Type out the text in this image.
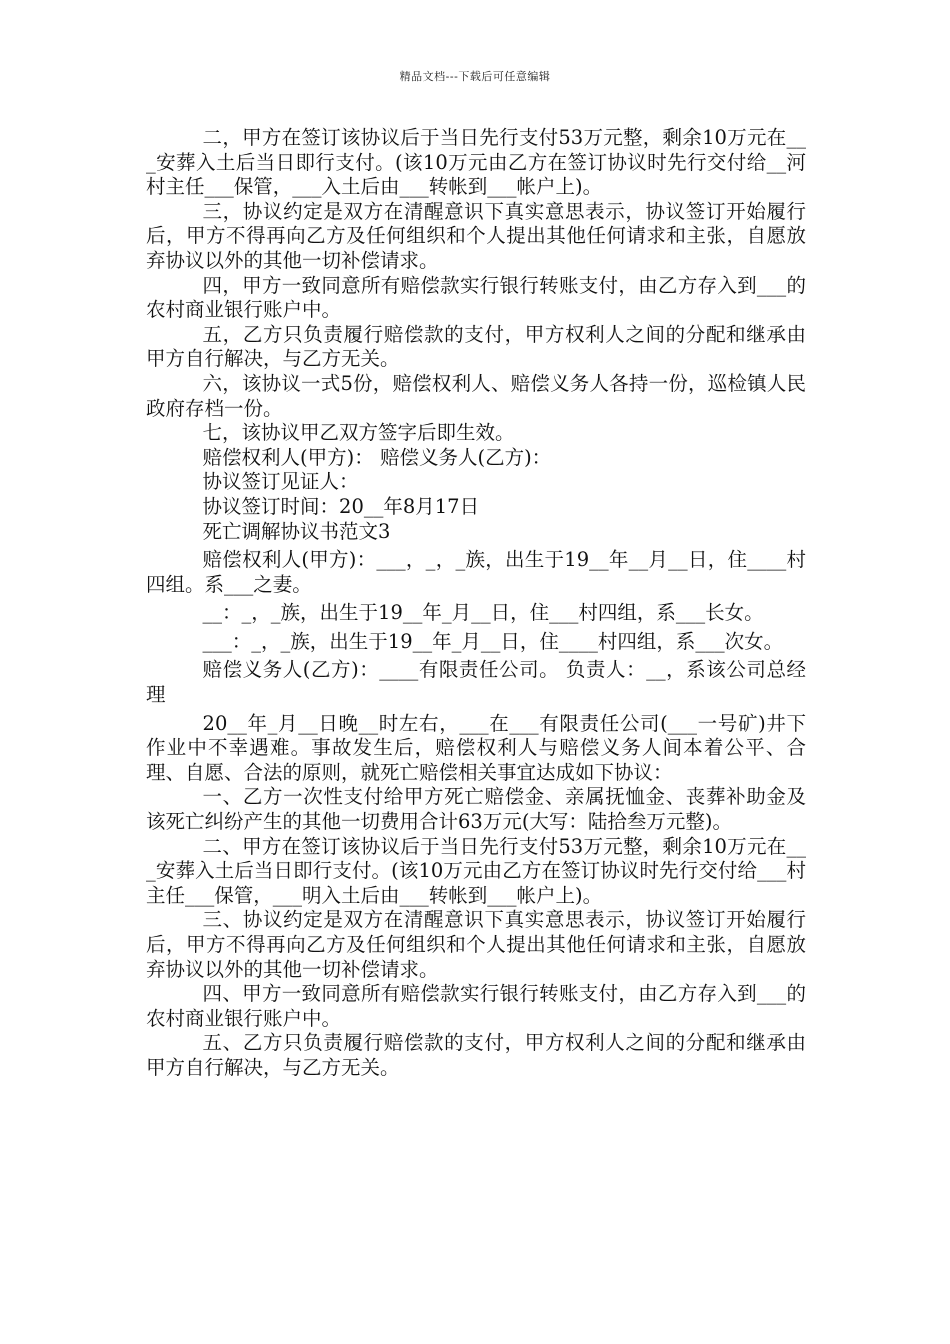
精品文档---下载后可任意编辑

二，甲方在签订该协议后于当日先行支付53万元整，剩余10万元在___安葬入土后当日即行支付。(该10万元由乙方在签订协议时先行交付给__河村主任___保管，___入土后由___转帐到___帐户上)。

三，协议约定是双方在清醒意识下真实意思表示，协议签订开始履行后，甲方不得再向乙方及任何组织和个人提出其他任何请求和主张，自愿放弃协议以外的其他一切补偿请求。

四，甲方一致同意所有赔偿款实行银行转账支付，由乙方存入到___的农村商业银行账户中。

五，乙方只负责履行赔偿款的支付，甲方权利人之间的分配和继承由甲方自行解决，与乙方无关。

六，该协议一式5份，赔偿权利人、赔偿义务人各持一份，巡检镇人民政府存档一份。

七，该协议甲乙双方签字后即生效。

赔偿权利人(甲方)： 赔偿义务人(乙方)：

协议签订见证人：

协议签订时间：20__年8月17日

死亡调解协议书范文3

赔偿权利人(甲方)：___，_，_族，出生于19__年__月__日，住____村四组。系___之妻。

__：_，_族，出生于19__年_月__日，住___村四组，系___长女。

___：_，_族，出生于19__年_月__日，住____村四组，系___次女。

赔偿义务人(乙方)：____有限责任公司。 负责人：__，系该公司总经理

20__年_月__日晚__时左右，___在___有限责任公司(___一号矿)井下作业中不幸遇难。事故发生后，赔偿权利人与赔偿义务人间本着公平、合理、自愿、合法的原则，就死亡赔偿相关事宜达成如下协议：

一、乙方一次性支付给甲方死亡赔偿金、亲属抚恤金、丧葬补助金及该死亡纠纷产生的其他一切费用合计63万元(大写：陆拾叁万元整)。

二、甲方在签订该协议后于当日先行支付53万元整，剩余10万元在___安葬入土后当日即行支付。(该10万元由乙方在签订协议时先行交付给___村主任___保管，___明入土后由___转帐到___帐户上)。

三、协议约定是双方在清醒意识下真实意思表示，协议签订开始履行后，甲方不得再向乙方及任何组织和个人提出其他任何请求和主张，自愿放弃协议以外的其他一切补偿请求。

四、甲方一致同意所有赔偿款实行银行转账支付，由乙方存入到___的农村商业银行账户中。

五、乙方只负责履行赔偿款的支付，甲方权利人之间的分配和继承由甲方自行解决，与乙方无关。
